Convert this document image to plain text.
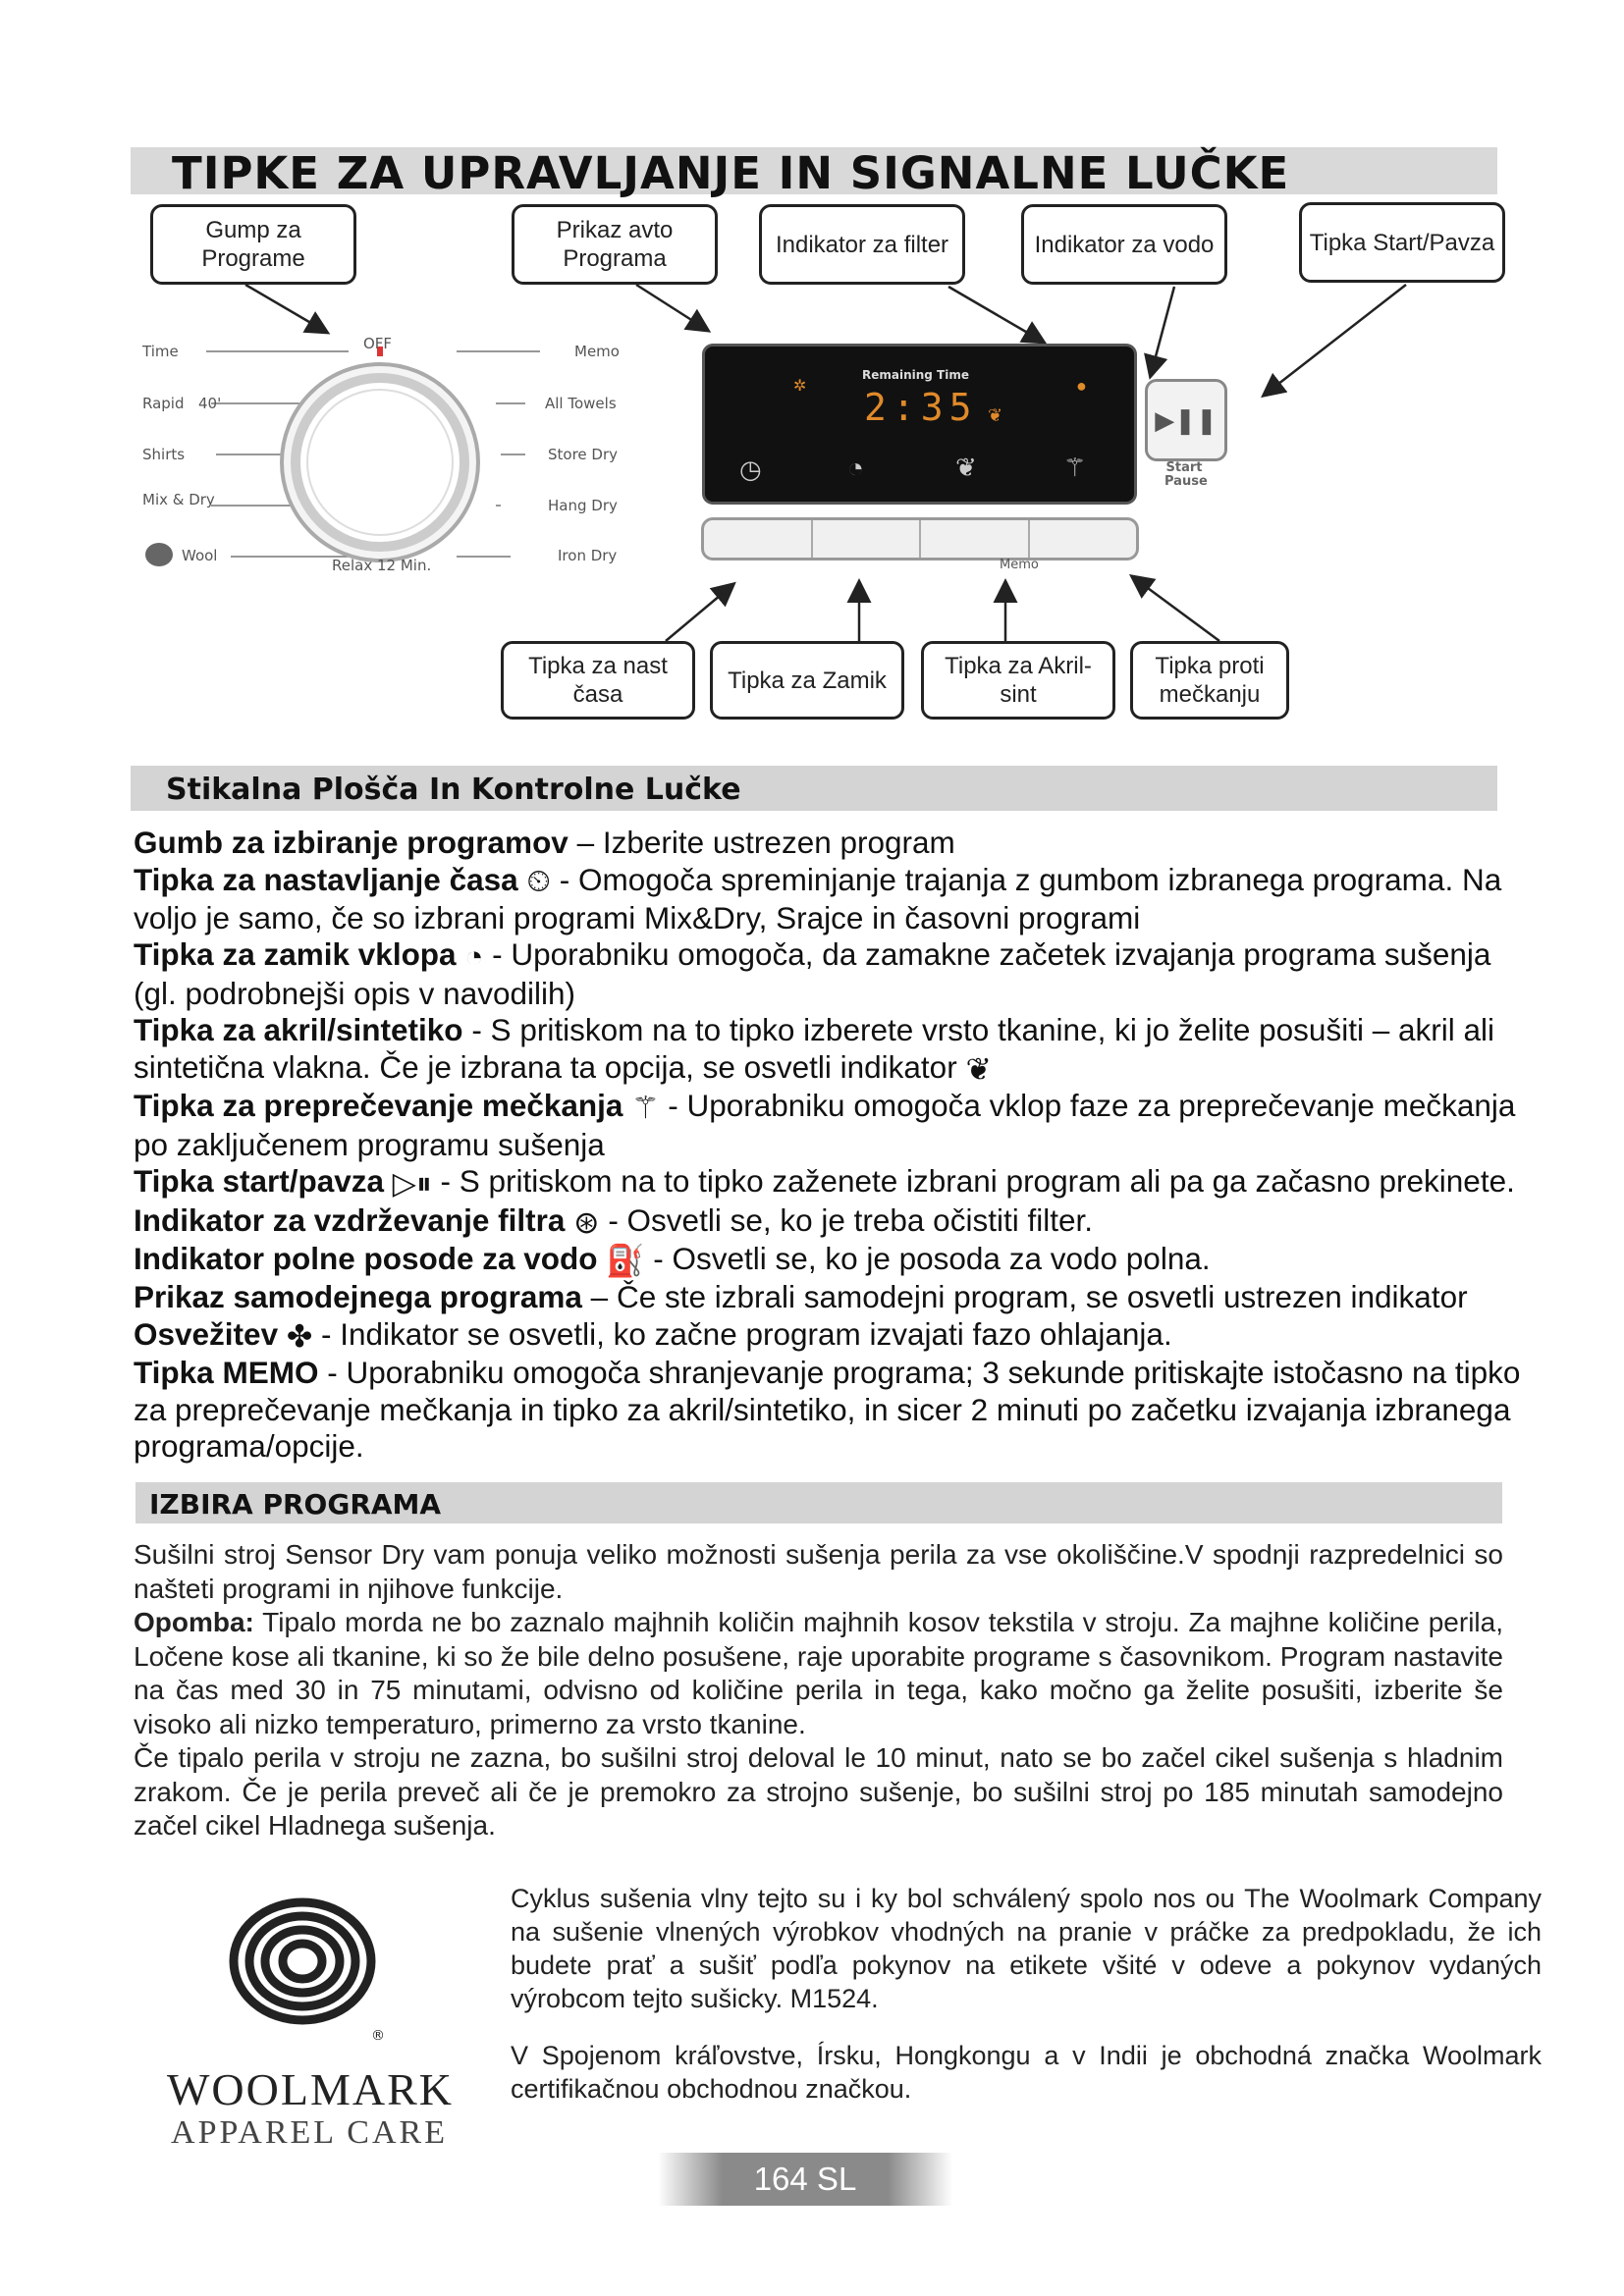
TIPKE ZA UPRAVLJANJE IN SIGNALNE LUČKE
Gump za Programe
Prikaz avto Programa
Indikator za filter	Indikator za vodo	Tipka Start/Pavza
Tipka za nast časa
Tipka za Zamik
Tipka za Akril-sint
Tipka proti mečkanju
OFF
Relax 12 Min.
Time
Rapid 40'
Shirts
Mix & Dry
Wool
Memo
All Towels
Store Dry
Hang Dry
Iron Dry
Remaining Time
2:35
✲	●
❦
◷	◔	❦	⚚
▶❚❚
Start Pause
Memo
Stikalna Plošča In Kontrolne Lučke

Gumb za izbiranje programov – Izberite ustrezen program

Tipka za nastavljanje časa ⏲ - Omogoča spreminjanje trajanja z gumbom izbranega programa. Na voljo je samo, če so izbrani programi Mix&Dry, Srajce in časovni programi

Tipka za zamik vklopa ◔ - Uporabniku omogoča, da zamakne začetek izvajanja programa sušenja (gl. podrobnejši opis v navodilih)

Tipka za akril/sintetiko - S pritiskom na to tipko izberete vrsto tkanine, ki jo želite posušiti – akril ali sintetična vlakna. Če je izbrana ta opcija, se osvetli indikator ❦

Tipka za preprečevanje mečkanja ⚚ - Uporabniku omogoča vklop faze za preprečevanje mečkanja po zaključenem programu sušenja

Tipka start/pavza ▷⏸ - S pritiskom na to tipko zaženete izbrani program ali pa ga začasno prekinete.

Indikator za vzdrževanje filtra ⊛ - Osvetli se, ko je treba očistiti filter.

Indikator polne posode za vodo ⛽ - Osvetli se, ko je posoda za vodo polna.

Prikaz samodejnega programa – Če ste izbrali samodejni program, se osvetli ustrezen indikator

Osvežitev ✤ - Indikator se osvetli, ko začne program izvajati fazo ohlajanja.

Tipka MEMO - Uporabniku omogoča shranjevanje programa; 3 sekunde pritiskajte istočasno na tipko za preprečevanje mečkanja in tipko za akril/sintetiko, in sicer 2 minuti po začetku izvajanja izbranega programa/opcije.

IZBIRA PROGRAMA

Sušilni stroj Sensor Dry vam ponuja veliko možnosti sušenja perila za vse okoliščine.V spodnji razpredelnici so našteti programi in njihove funkcije.

Opomba: Tipalo morda ne bo zaznalo majhnih količin majhnih kosov tekstila v stroju. Za majhne količine perila, Ločene kose ali tkanine, ki so že bile delno posušene, raje uporabite programe s časovnikom. Program nastavite na čas med 30 in 75 minutami, odvisno od količine perila in tega, kako močno ga želite posušiti, izberite še visoko ali nizko temperaturo, primerno za vrsto tkanine.

Če tipalo perila v stroju ne zazna, bo sušilni stroj deloval le 10 minut, nato se bo začel cikel sušenja s hladnim zrakom. Če je perila preveč ali če je premokro za strojno sušenje, bo sušilni stroj po 185 minutah samodejno začel cikel Hladnega sušenja.

®
WOOLMARK
APPAREL CARE

Cyklus sušenia vlny tejto su i ky bol schválený spolo nos ou The Woolmark Company na sušenie vlnených výrobkov vhodných na pranie v práčke za predpokladu, že ich budete prať a sušiť podľa pokynov na etikete všité v odeve a pokynov vydaných výrobcom tejto sušicky. M1524.

V Spojenom kráľovstve, Írsku, Hongkongu a v Indii je obchodná značka Woolmark certifikačnou obchodnou značkou.

164 SL
